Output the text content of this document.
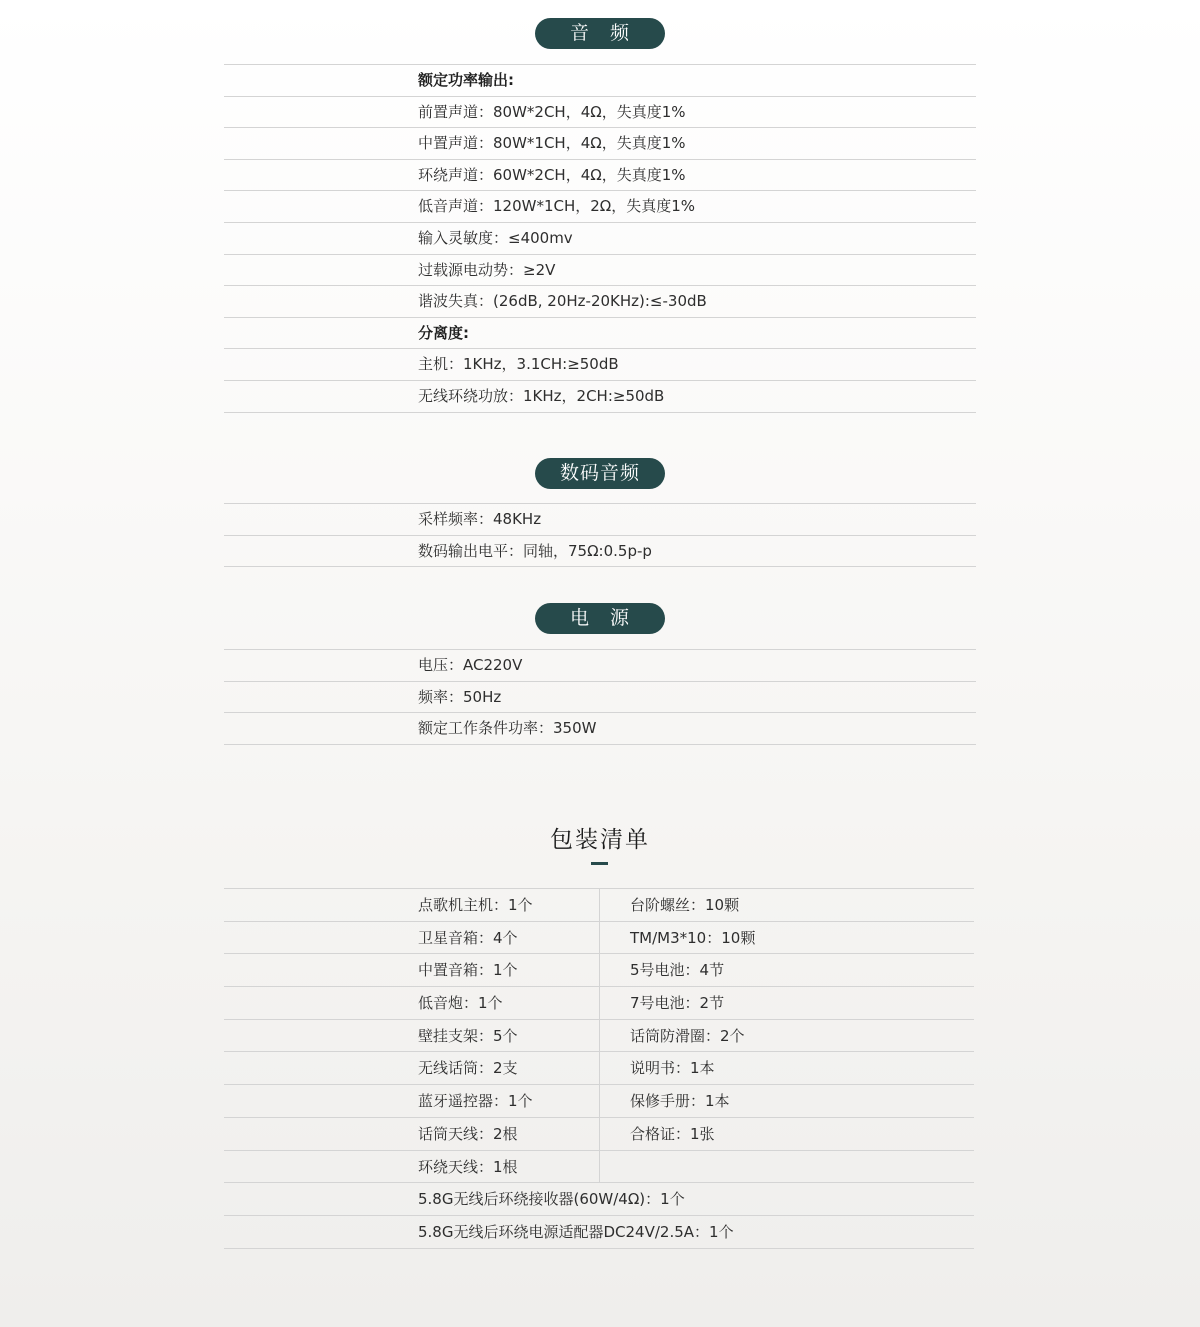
音　频
额定功率输出:
前置声道：80W*2CH，4Ω，失真度1%
中置声道：80W*1CH，4Ω，失真度1%
环绕声道：60W*2CH，4Ω，失真度1%
低音声道：120W*1CH，2Ω，失真度1%
输入灵敏度：≤400mv
过载源电动势：≥2V
谐波失真：(26dB, 20Hz-20KHz):≤-30dB
分离度:
主机：1KHz，3.1CH:≥50dB
无线环绕功放：1KHz，2CH:≥50dB
数码音频
采样频率：48KHz
数码输出电平：同轴，75Ω:0.5p-p
电　源
电压：AC220V
频率：50Hz
额定工作条件功率：350W
包装清单
点歌机主机：1个	台阶螺丝：10颗
卫星音箱：4个	TM/M3*10：10颗
中置音箱：1个	5号电池：4节
低音炮：1个	7号电池：2节
壁挂支架：5个	话筒防滑圈：2个
无线话筒：2支	说明书：1本
蓝牙遥控器：1个	保修手册：1本
话筒天线：2根	合格证：1张
环绕天线：1根
5.8G无线后环绕接收器(60W/4Ω)：1个
5.8G无线后环绕电源适配器DC24V/2.5A：1个
